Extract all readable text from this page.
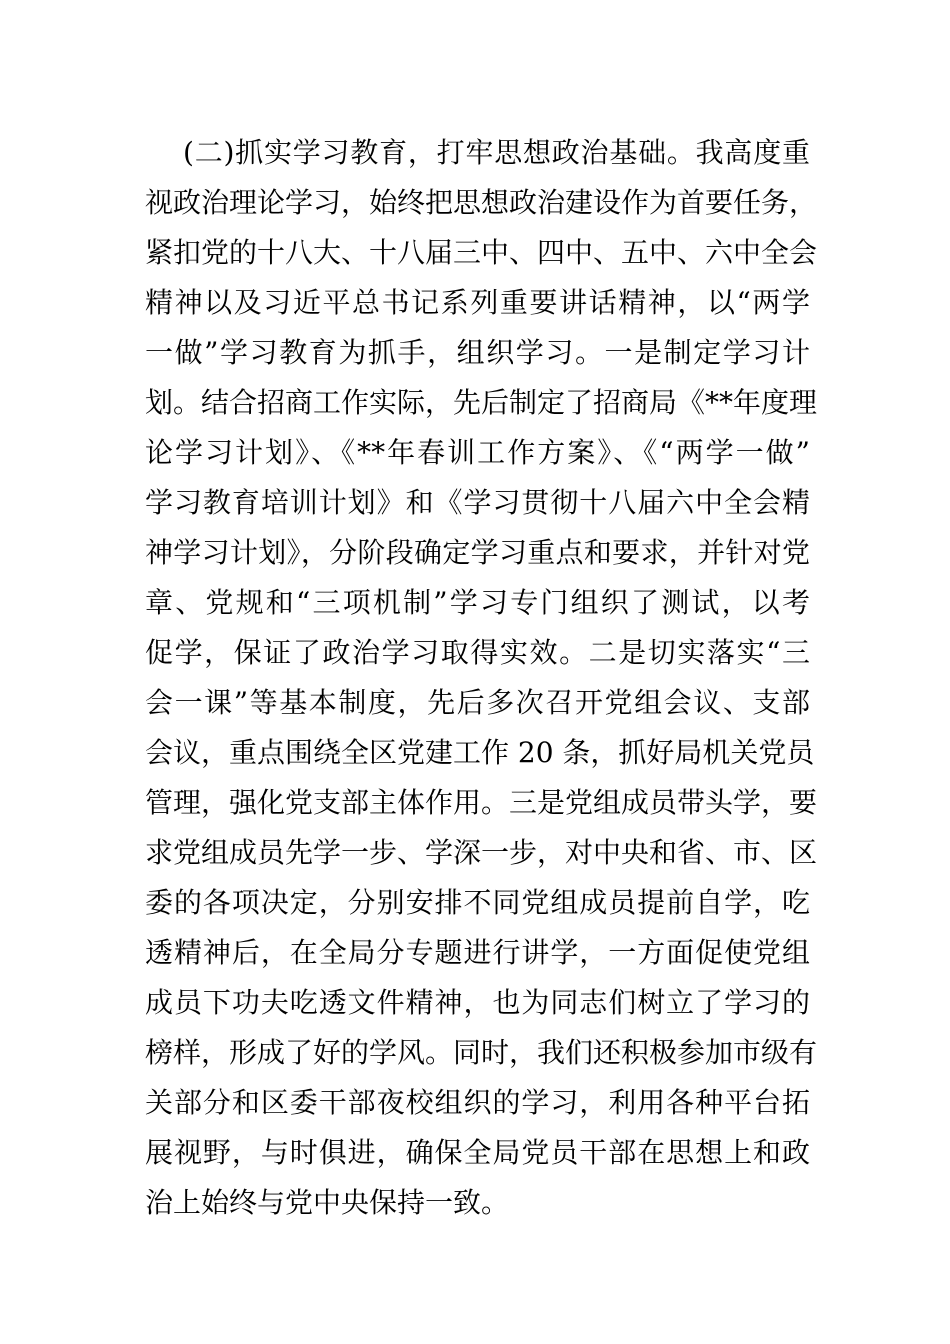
(二)抓实学习教育，打牢思想政治基础。我高度重
视政治理论学习，始终把思想政治建设作为首要任务，
紧扣党的十八大、十八届三中、四中、五中、六中全会
精神以及习近平总书记系列重要讲话精神，以“两学
一做”学习教育为抓手，组织学习。一是制定学习计
划。结合招商工作实际，先后制定了招商局《**年度理
论学习计划》、《**年春训工作方案》、《“两学一做”
学习教育培训计划》和《学习贯彻十八届六中全会精
神学习计划》，分阶段确定学习重点和要求，并针对党
章、党规和“三项机制”学习专门组织了测试，以考
促学，保证了政治学习取得实效。二是切实落实“三
会一课”等基本制度，先后多次召开党组会议、支部
会议，重点围绕全区党建工作 20 条，抓好局机关党员
管理，强化党支部主体作用。三是党组成员带头学，要
求党组成员先学一步、学深一步，对中央和省、市、区
委的各项决定，分别安排不同党组成员提前自学，吃
透精神后，在全局分专题进行讲学，一方面促使党组
成员下功夫吃透文件精神，也为同志们树立了学习的
榜样，形成了好的学风。同时，我们还积极参加市级有
关部分和区委干部夜校组织的学习，利用各种平台拓
展视野，与时俱进，确保全局党员干部在思想上和政
治上始终与党中央保持一致。
